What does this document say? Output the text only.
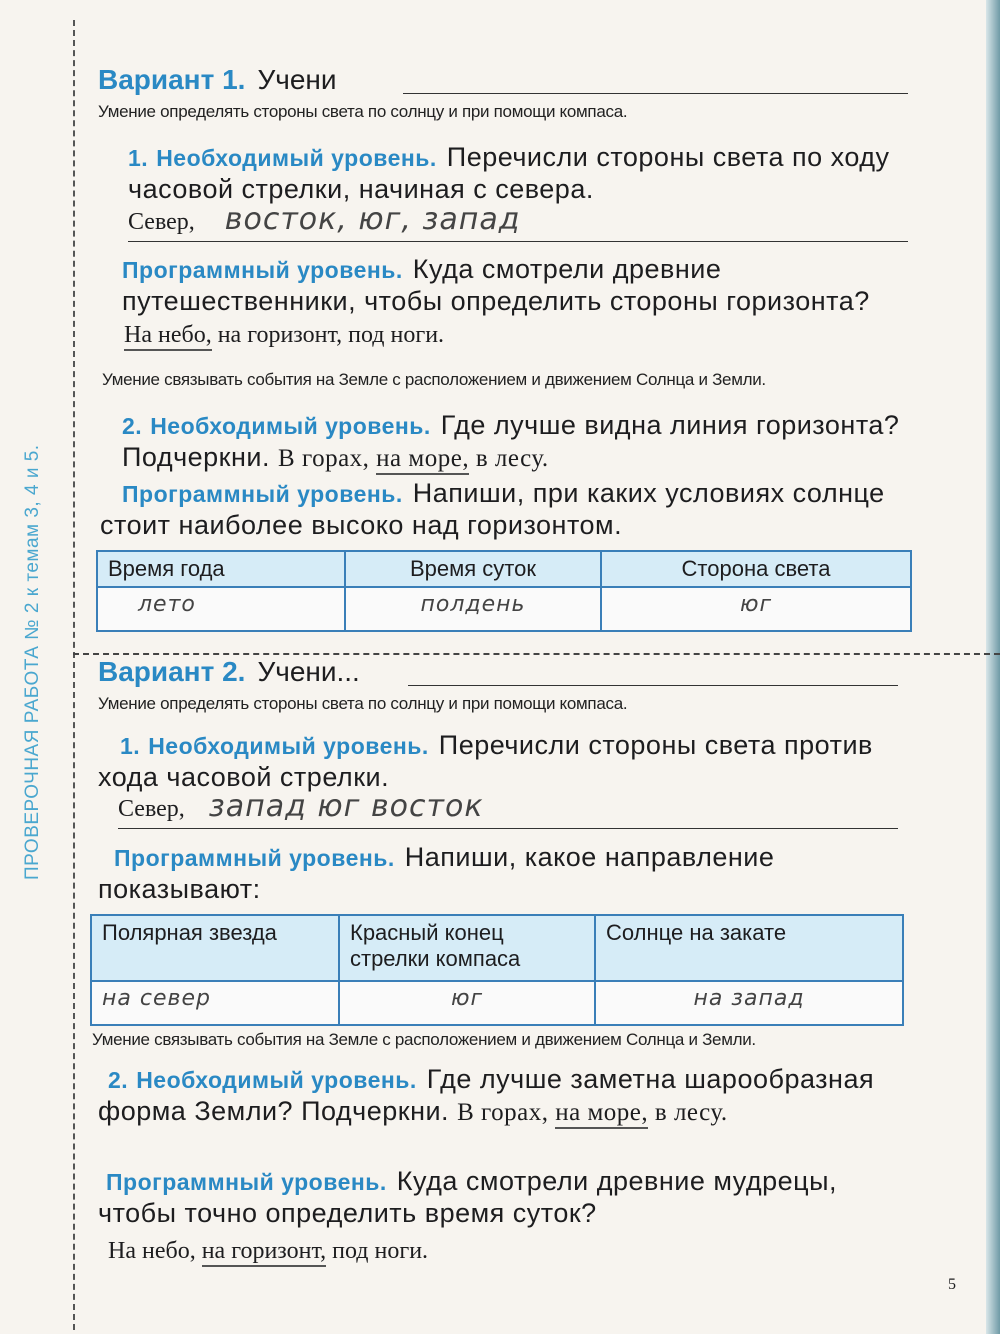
ПРОВЕРОЧНАЯ РАБОТА № 2 к темам 3, 4 и 5.
Вариант 1. Учени
Умение определять стороны света по солнцу и при помощи компаса.
1. Необходимый уровень. Перечисли стороны света по ходу часовой стрелки, начиная с севера.
Север, восток, юг, запад
Программный уровень. Куда смотрели древние путешественники, чтобы определить стороны горизонта?
На небо, на горизонт, под ноги.
Умение связывать события на Земле с расположением и движением Солнца и Земли.
2. Необходимый уровень. Где лучше видна линия горизонта? Подчеркни. В горах, на море, в лесу.
Программный уровень. Напиши, при каких условиях солнце стоит наиболее высоко над горизонтом.
Время года	Время суток	Сторона света
лето	полдень	юг
Вариант 2. Учени...
Умение определять стороны света по солнцу и при помощи компаса.
1. Необходимый уровень. Перечисли стороны света против хода часовой стрелки.
Север, запад юг восток
Программный уровень. Напиши, какое направление показывают:
Полярная звезда	Красный конец стрелки компаса	Солнце на закате
на север	юг	на запад
Умение связывать события на Земле с расположением и движением Солнца и Земли.
2. Необходимый уровень. Где лучше заметна шарообразная форма Земли? Подчеркни. В горах, на море, в лесу.
Программный уровень. Куда смотрели древние мудрецы, чтобы точно определить время суток?
На небо, на горизонт, под ноги.
5
